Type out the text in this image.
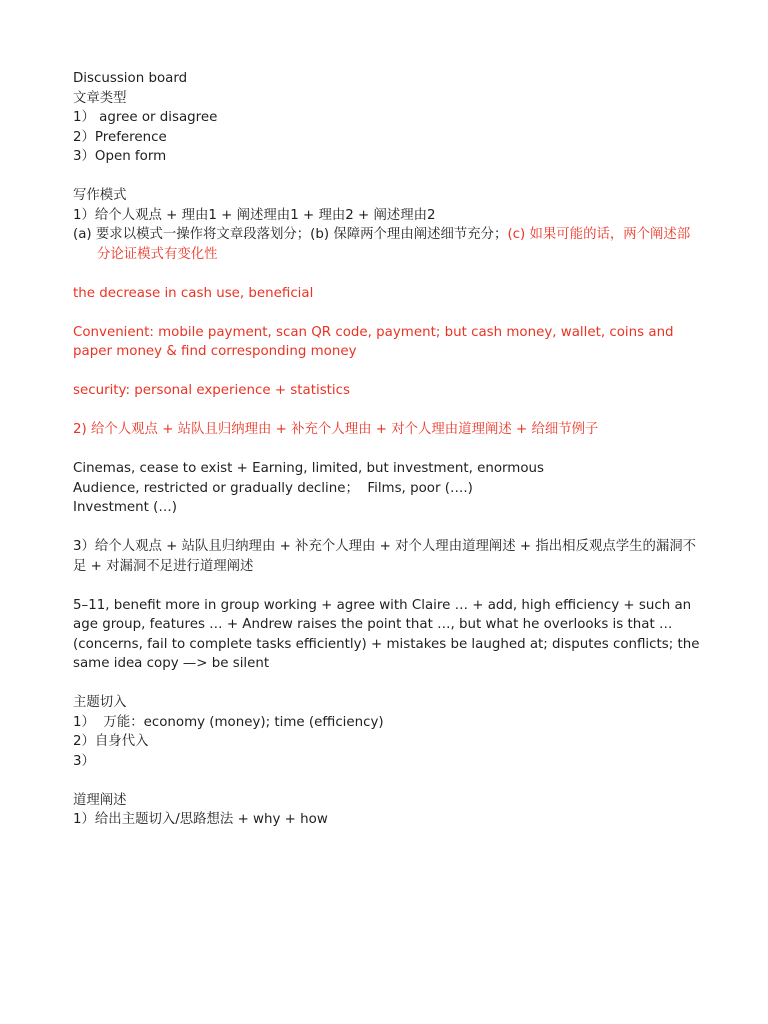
Discussion board
文章类型
1） agree or disagree
2）Preference
3）Open form
写作模式
1）给个人观点 + 理由1 + 阐述理由1 + 理由2 + 阐述理由2
(a) 要求以模式一操作将文章段落划分；(b) 保障两个理由阐述细节充分；(c) 如果可能的话，两个阐述部分论证模式有变化性
the decrease in cash use, beneficial
Convenient: mobile payment, scan QR code, payment; but cash money, wallet, coins and paper money & find corresponding money
security: personal experience + statistics
2) 给个人观点 + 站队且归纳理由 + 补充个人理由 + 对个人理由道理阐述 + 给细节例子
Cinemas, cease to exist + Earning, limited, but investment, enormous
Audience, restricted or gradually decline；  Films, poor (….)
Investment (…)
3）给个人观点 + 站队且归纳理由 + 补充个人理由 + 对个人理由道理阐述 + 指出相反观点学生的漏洞不足 + 对漏洞不足进行道理阐述
5–11, benefit more in group working + agree with Claire … + add, high efficiency + such an age group, features … + Andrew raises the point that …, but what he overlooks is that …(concerns, fail to complete tasks efficiently) + mistakes be laughed at; disputes conflicts; the same idea copy —> be silent
主题切入
1）  万能：economy (money); time (efficiency)
2）自身代入
3）
道理阐述
1）给出主题切入/思路想法 + why + how
